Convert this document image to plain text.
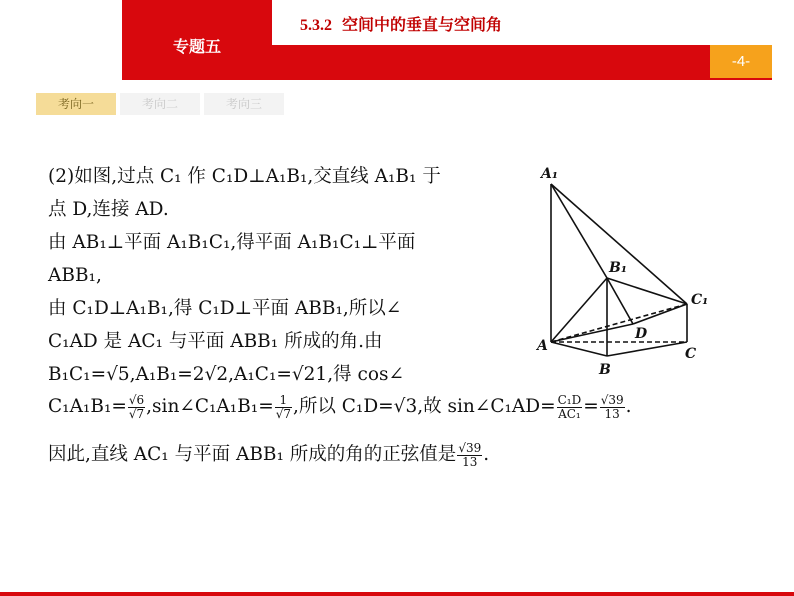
专题五
5.3.2 空间中的垂直与空间角
-4-
考向一	考向二	考向三
(2)如图,过点 C₁ 作 C₁D⊥A₁B₁,交直线 A₁B₁ 于
点 D,连接 AD.
由 AB₁⊥平面 A₁B₁C₁,得平面 A₁B₁C₁⊥平面
ABB₁,
由 C₁D⊥A₁B₁,得 C₁D⊥平面 ABB₁,所以∠
C₁AD 是 AC₁ 与平面 ABB₁ 所成的角.由
B₁C₁=√5,A₁B₁=2√2,A₁C₁=√21,得 cos∠
$C_1A_1B_1= \frac{√6}{√7}$ ,sin∠C₁A₁B₁= $\frac{1}{√7}$ ,所以 C₁D=√3,故 sin∠C₁AD= $\frac{\text{C₁D}}{\text{AC₁}} = \frac{√39}{13}$ .
因此,直线 AC₁ 与平面 ABB₁ 所成的角的正弦值是 $\frac{√39}{13}$ .
A₁
B₁
C₁
A
B
C
D
